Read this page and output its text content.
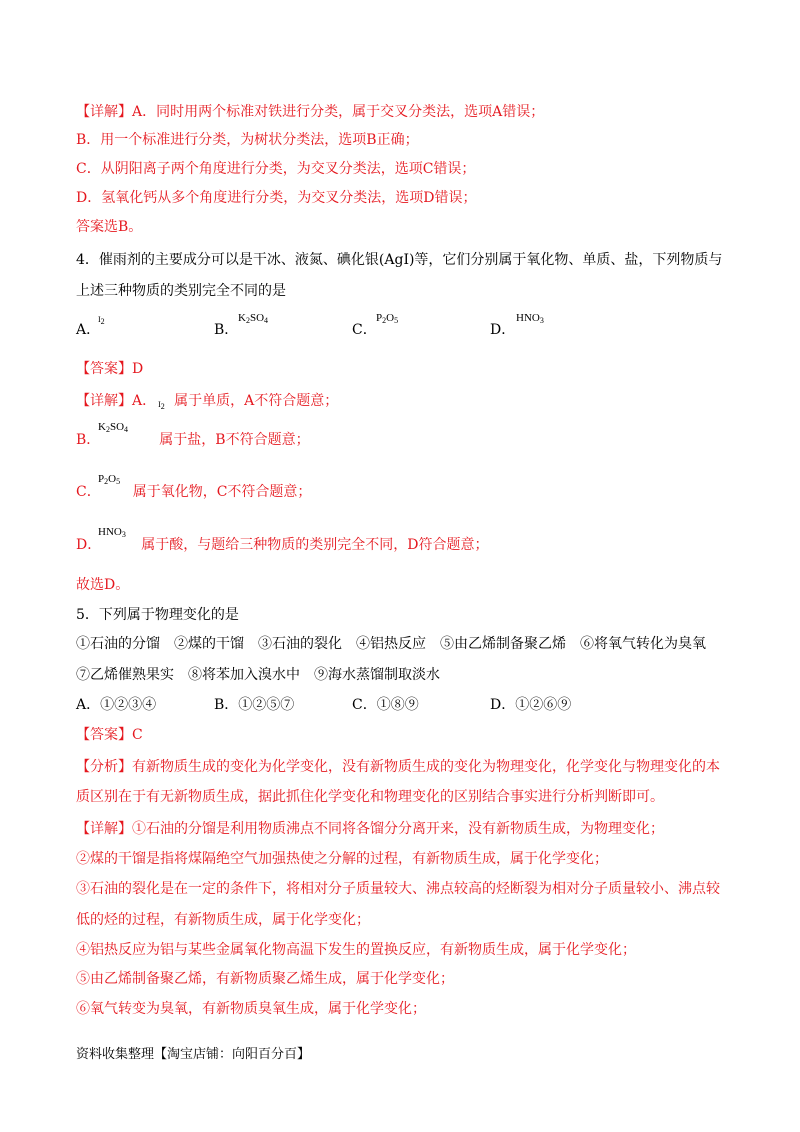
【详解】A．同时用两个标准对铁进行分类，属于交叉分类法，选项A错误；
B．用一个标准进行分类，为树状分类法，选项B正确；
C．从阴阳离子两个角度进行分类，为交叉分类法，选项C错误；
D．氢氧化钙从多个角度进行分类，为交叉分类法，选项D错误；
答案选B。
4．催雨剂的主要成分可以是干冰、液氮、碘化银(AgI)等，它们分别属于氧化物、单质、盐，下列物质与
上述三种物质的类别完全不同的是
A．
$I_2$
B．
$K_2SO_4$
C．
$P_2O_5$
D．
$HNO_3$
【答案】D
【详解】A． $I_2$ 属于单质，A不符合题意；
$K_2SO_4$
B．	属于盐，B不符合题意；
$P_2O_5$
C． 属于氧化物，C不符合题意；
$HNO_3$
D．	属于酸，与题给三种物质的类别完全不同，D符合题意；
故选D。
5．下列属于物理变化的是
①石油的分馏　②煤的干馏　③石油的裂化　④铝热反应　⑤由乙烯制备聚乙烯　⑥将氧气转化为臭氧
⑦乙烯催熟果实　⑧将苯加入溴水中　⑨海水蒸馏制取淡水
A．①②③④	B．①②⑤⑦	C．①⑧⑨	D．①②⑥⑨
【答案】C
【分析】有新物质生成的变化为化学变化，没有新物质生成的变化为物理变化，化学变化与物理变化的本
质区别在于有无新物质生成，据此抓住化学变化和物理变化的区别结合事实进行分析判断即可。
【详解】①石油的分馏是利用物质沸点不同将各馏分分离开来，没有新物质生成，为物理变化；
②煤的干馏是指将煤隔绝空气加强热使之分解的过程，有新物质生成，属于化学变化；
③石油的裂化是在一定的条件下，将相对分子质量较大、沸点较高的烃断裂为相对分子质量较小、沸点较
低的烃的过程，有新物质生成，属于化学变化；
④铝热反应为铝与某些金属氧化物高温下发生的置换反应，有新物质生成，属于化学变化；
⑤由乙烯制备聚乙烯，有新物质聚乙烯生成，属于化学变化；
⑥氧气转变为臭氧，有新物质臭氧生成，属于化学变化；
资料收集整理【淘宝店铺：向阳百分百】
